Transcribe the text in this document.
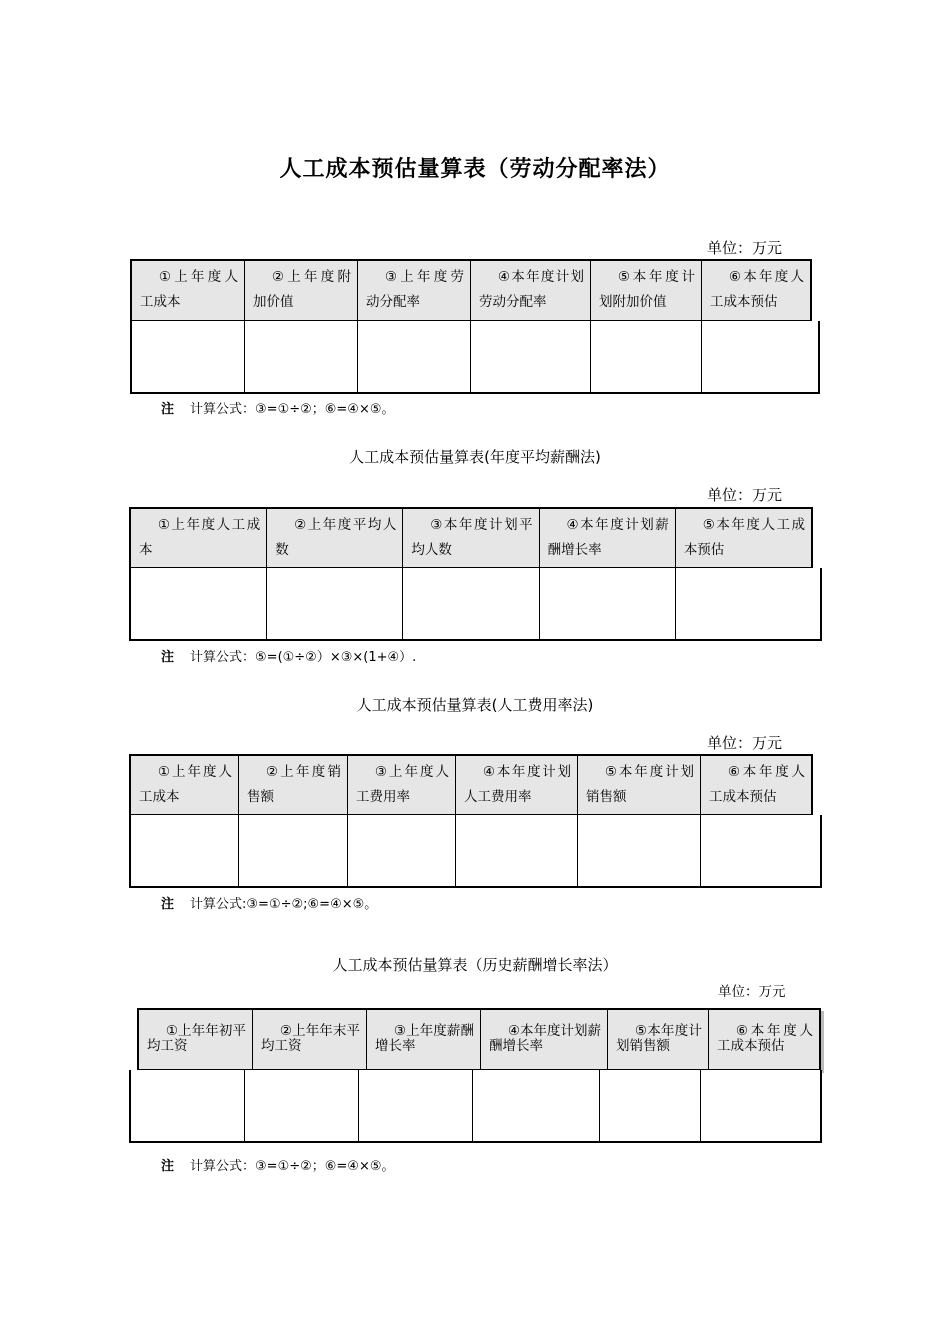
人工成本预估量算表（劳动分配率法）
单位：万元
①上年度人工成本
②上年度附加价值
③上年度劳动分配率
④本年度计划劳动分配率
⑤本年度计划附加价值
⑥本年度人工成本预估
注 计算公式：③=①÷②；⑥=④×⑤。
人工成本预估量算表(年度平均薪酬法)
单位：万元
①上年度人工成本
②上年度平均人数
③本年度计划平均人数
④本年度计划薪酬增长率
⑤本年度人工成本预估
注 计算公式：⑤=(①÷②）×③×(1+④）.
人工成本预估量算表(人工费用率法)
单位：万元
①上年度人工成本
②上年度销售额
③上年度人工费用率
④本年度计划人工费用率
⑤本年度计划销售额
⑥本年度人工成本预估
注 计算公式:③=①÷②;⑥=④×⑤。
人工成本预估量算表（历史薪酬增长率法）
单位：万元
①上年年初平均工资
②上年年末平均工资
③上年度薪酬增长率
④本年度计划薪酬增长率
⑤本年度计划销售额
⑥本年度人工成本预估
注 计算公式：③=①÷②；⑥=④×⑤。
